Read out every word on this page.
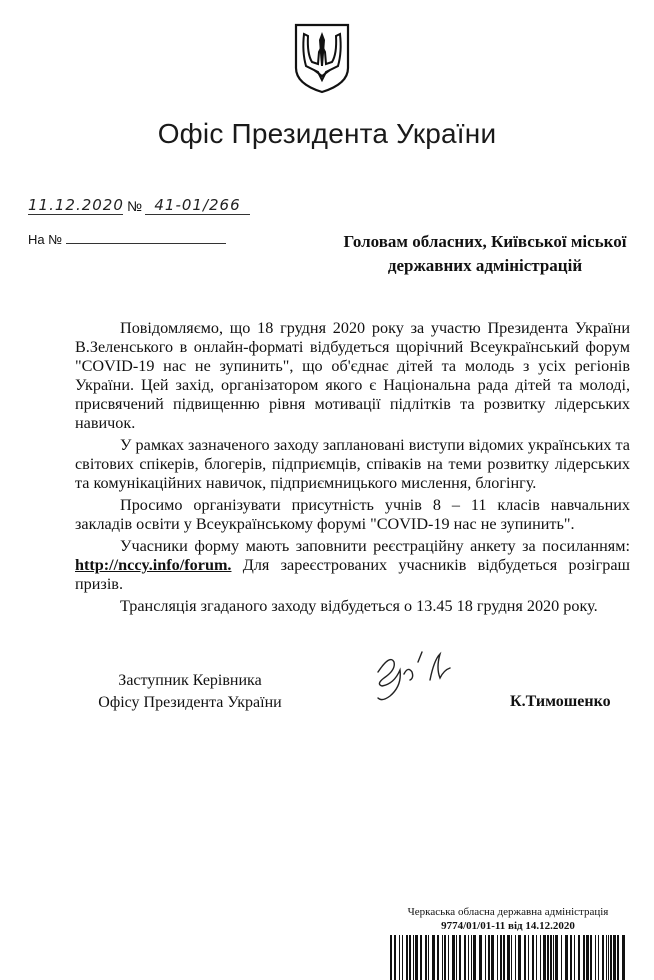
Офіс Президента України
11.12.2020 № 41-01/266
На №	Головам обласних, Київської міської
державних адміністрацій

Повідомляємо, що 18 грудня 2020 року за участю Президента України В.Зеленського в онлайн-форматі відбудеться щорічний Всеукраїнський форум "COVID-19 нас не зупинить", що об'єднає дітей та молодь з усіх регіонів України. Цей захід, організатором якого є Національна рада дітей та молоді, присвячений підвищенню рівня мотивації підлітків та розвитку лідерських навичок.

У рамках зазначеного заходу заплановані виступи відомих українських та світових спікерів, блогерів, підприємців, співаків на теми розвитку лідерських та комунікаційних навичок, підприємницького мислення, блогінгу.

Просимо організувати присутність учнів 8 – 11 класів навчальних закладів освіти у Всеукраїнському форумі "COVID-19 нас не зупинить".

Учасники форму мають заповнити реєстраційну анкету за посиланням: http://nccy.info/forum. Для зареєстрованих учасників відбудеться розіграш призів.

Трансляція згаданого заходу відбудеться о 13.45 18 грудня 2020 року.

Заступник Керівника
Офісу Президента України	К.Тимошенко
Черкаська обласна державна адміністрація
9774/01/01-11 від 14.12.2020
